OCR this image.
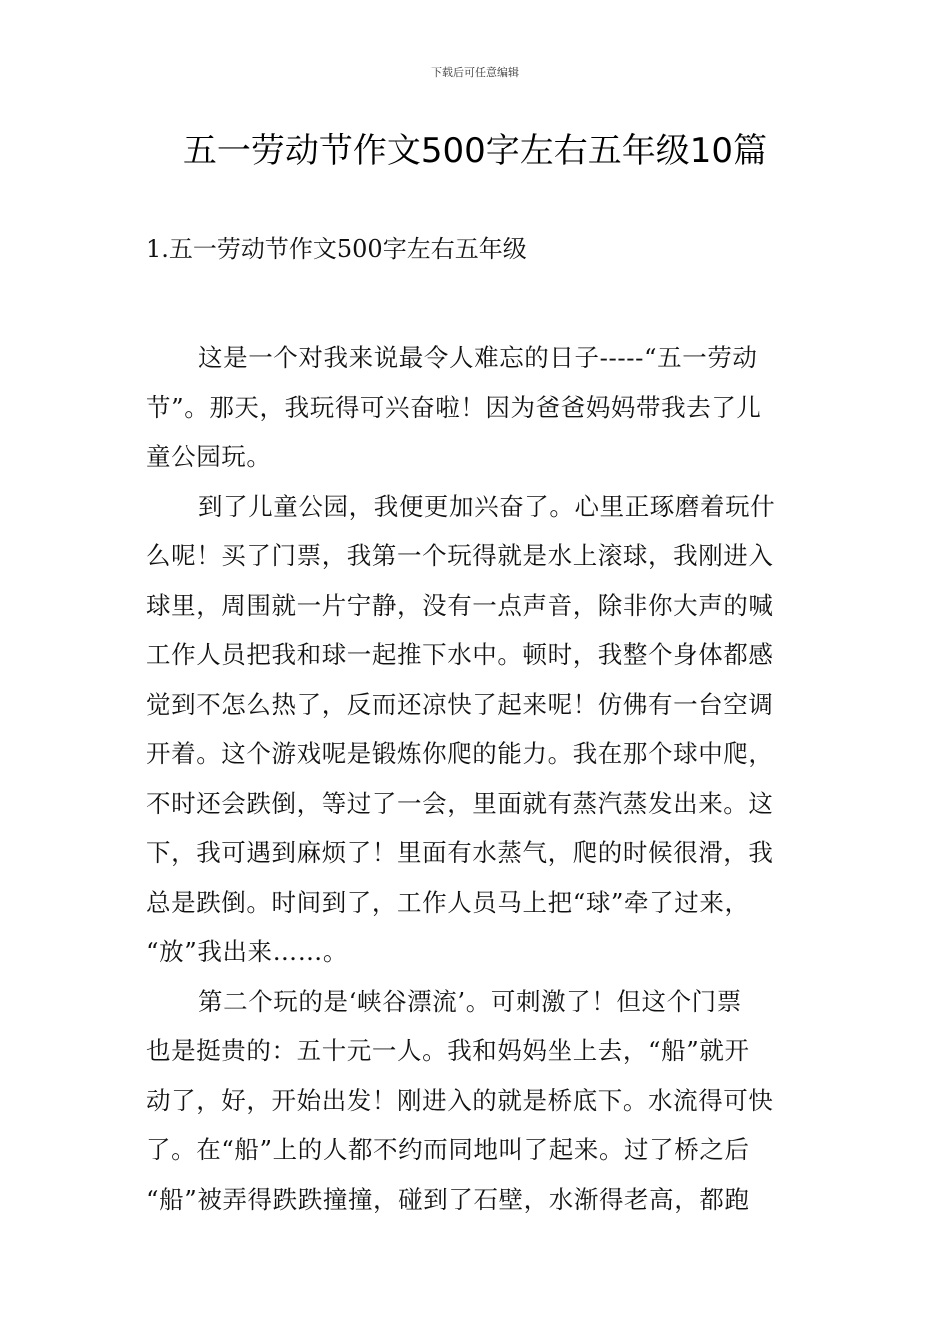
下载后可任意编辑
五一劳动节作文500字左右五年级10篇
1.五一劳动节作文500字左右五年级

这是一个对我来说最令人难忘的日子-----“五一劳动
节”。那天，我玩得可兴奋啦！因为爸爸妈妈带我去了儿
童公园玩。

到了儿童公园，我便更加兴奋了。心里正琢磨着玩什
么呢！买了门票，我第一个玩得就是水上滚球，我刚进入
球里，周围就一片宁静，没有一点声音，除非你大声的喊
工作人员把我和球一起推下水中。顿时，我整个身体都感
觉到不怎么热了，反而还凉快了起来呢！仿佛有一台空调
开着。这个游戏呢是锻炼你爬的能力。我在那个球中爬，
不时还会跌倒，等过了一会，里面就有蒸汽蒸发出来。这
下，我可遇到麻烦了！里面有水蒸气，爬的时候很滑，我
总是跌倒。时间到了，工作人员马上把“球”牵了过来，
“放”我出来……。

第二个玩的是‘峡谷漂流’。可刺激了！但这个门票
也是挺贵的：五十元一人。我和妈妈坐上去，“船”就开
动了，好，开始出发！刚进入的就是桥底下。水流得可快
了。在“船”上的人都不约而同地叫了起来。过了桥之后
“船”被弄得跌跌撞撞，碰到了石壁，水渐得老高，都跑
